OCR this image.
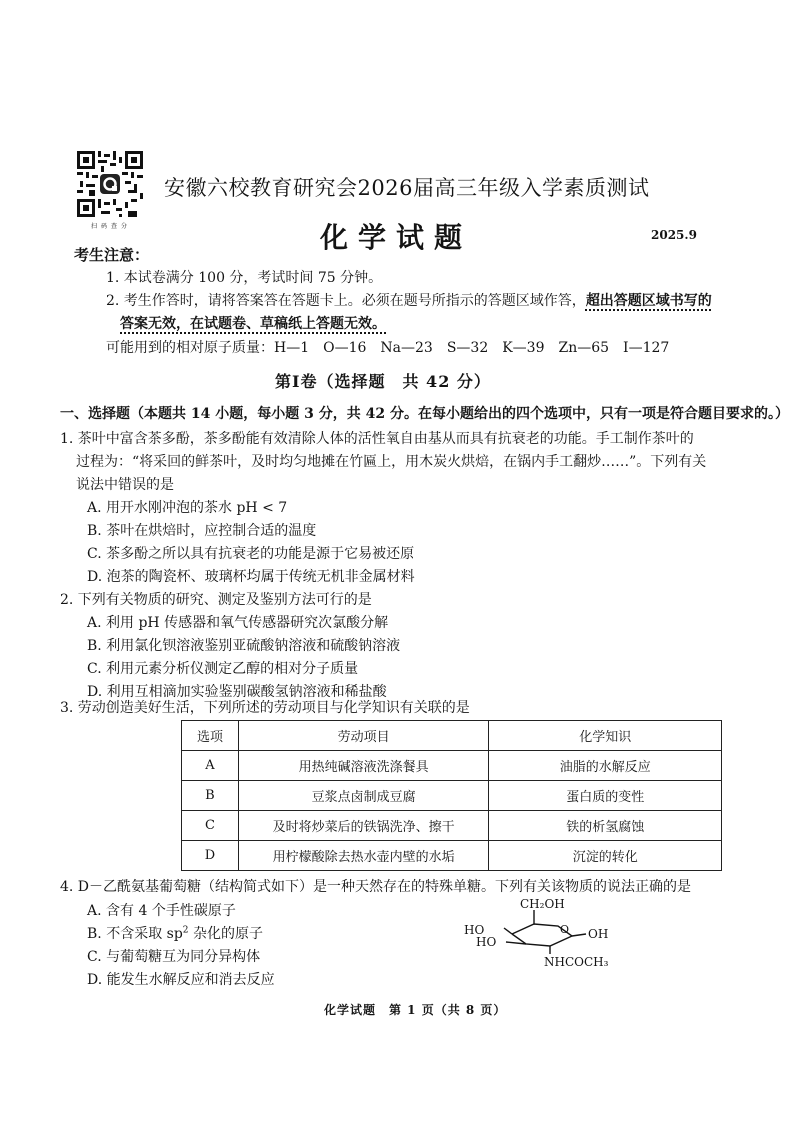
扫码查分
安徽六校教育研究会2026届高三年级入学素质测试
化学试题	2025.9
考生注意：
1. 本试卷满分 100 分，考试时间 75 分钟。
2. 考生作答时，请将答案答在答题卡上。必须在题号所指示的答题区域作答，超出答题区域书写的
答案无效，在试题卷、草稿纸上答题无效。
可能用到的相对原子质量：H—1　O—16　Na—23　S—32　K—39　Zn—65　I—127
第Ⅰ卷（选择题　共 42 分）
一、选择题（本题共 14 小题，每小题 3 分，共 42 分。在每小题给出的四个选项中，只有一项是符合题目要求的。）
1. 茶叶中富含茶多酚，茶多酚能有效清除人体的活性氧自由基从而具有抗衰老的功能。手工制作茶叶的
过程为：“将采回的鲜茶叶，及时均匀地摊在竹匾上，用木炭火烘焙，在锅内手工翻炒……”。下列有关
说法中错误的是
A. 用开水刚冲泡的茶水 pH < 7
B. 茶叶在烘焙时，应控制合适的温度
C. 茶多酚之所以具有抗衰老的功能是源于它易被还原
D. 泡茶的陶瓷杯、玻璃杯均属于传统无机非金属材料
2. 下列有关物质的研究、测定及鉴别方法可行的是
A. 利用 pH 传感器和氧气传感器研究次氯酸分解
B. 利用氯化钡溶液鉴别亚硫酸钠溶液和硫酸钠溶液
C. 利用元素分析仪测定乙醇的相对分子质量
D. 利用互相滴加实验鉴别碳酸氢钠溶液和稀盐酸
3. 劳动创造美好生活，下列所述的劳动项目与化学知识有关联的是
选项	劳动项目	化学知识
A	用热纯碱溶液洗涤餐具	油脂的水解反应
B	豆浆点卤制成豆腐	蛋白质的变性
C	及时将炒菜后的铁锅洗净、擦干	铁的析氢腐蚀
D	用柠檬酸除去热水壶内壁的水垢	沉淀的转化
4. D－乙酰氨基葡萄糖（结构简式如下）是一种天然存在的特殊单糖。下列有关该物质的说法正确的是
A. 含有 4 个手性碳原子
B. 不含采取 $sp^2$ 杂化的原子
C. 与葡萄糖互为同分异构体
D. 能发生水解反应和消去反应
O
CH₂OH
HO
HO
OH
NHCOCH₃
化学试题　第 1 页（共 8 页）
